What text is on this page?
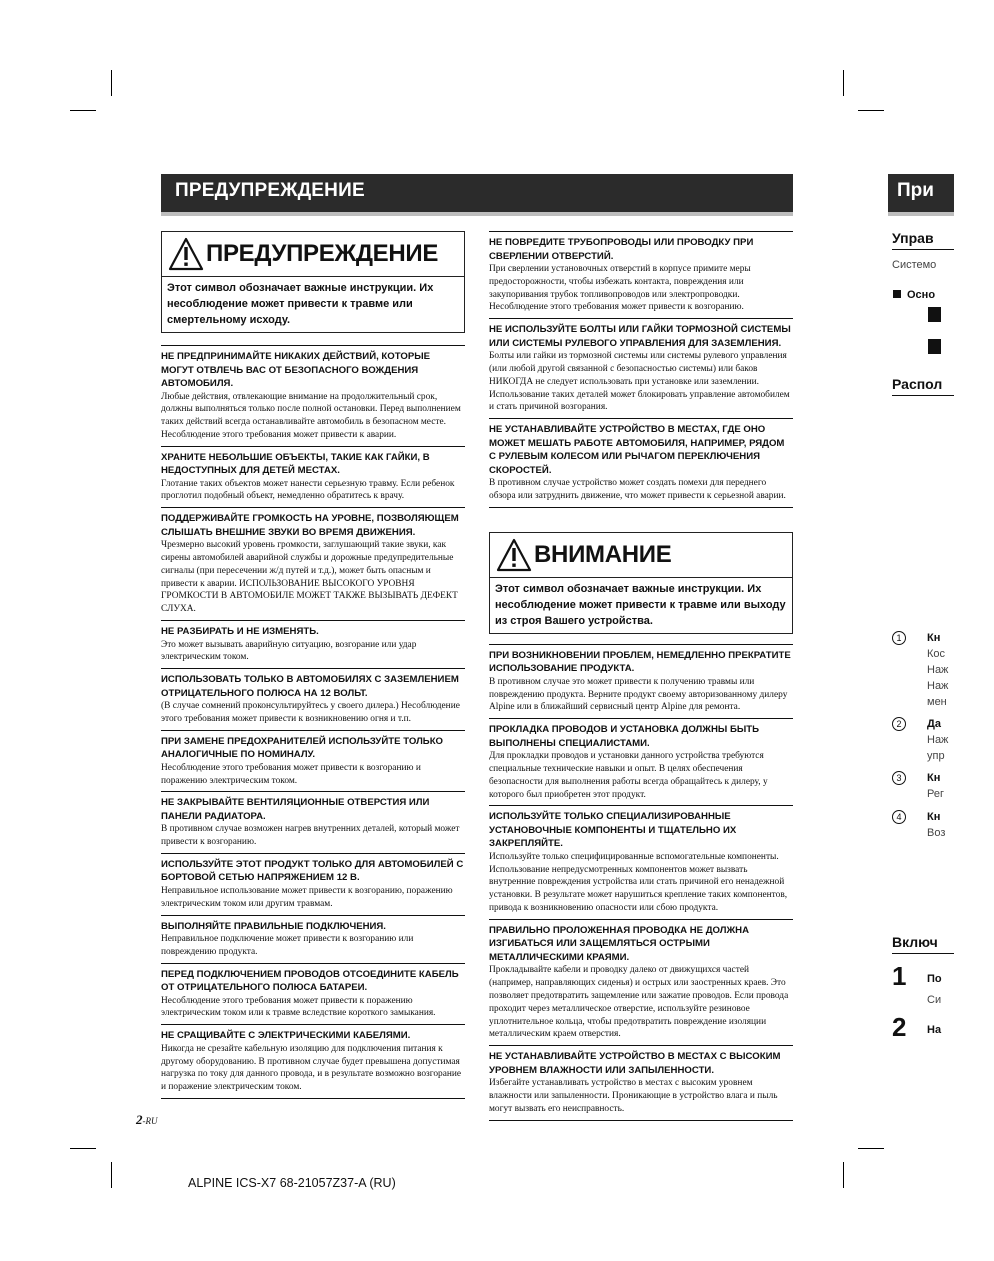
ПРЕДУПРЕЖДЕНИЕ
ПРЕДУПРЕЖДЕНИЕ
Этот символ обозначает важные инструкции. Их несоблюдение может привести к травме или смертельному исходу.
НЕ ПРЕДПРИНИМАЙТЕ НИКАКИХ ДЕЙСТВИЙ, КОТОРЫЕ МОГУТ ОТВЛЕЧЬ ВАС ОТ БЕЗОПАСНОГО ВОЖДЕНИЯ АВТОМОБИЛЯ.
Любые действия, отвлекающие внимание на продолжительный срок, должны выполняться только после полной остановки. Перед выполнением таких действий всегда останавливайте автомобиль в безопасном месте.
Несоблюдение этого требования может привести к аварии.
ХРАНИТЕ НЕБОЛЬШИЕ ОБЪЕКТЫ, ТАКИЕ КАК ГАЙКИ, В НЕДОСТУПНЫХ ДЛЯ ДЕТЕЙ МЕСТАХ.
Глотание таких объектов может нанести серьезную травму. Если ребенок проглотил подобный объект, немедленно обратитесь к врачу.
ПОДДЕРЖИВАЙТЕ ГРОМКОСТЬ НА УРОВНЕ, ПОЗВОЛЯЮЩЕМ СЛЫШАТЬ ВНЕШНИЕ ЗВУКИ ВО ВРЕМЯ ДВИЖЕНИЯ.
Чрезмерно высокий уровень громкости, заглушающий такие звуки, как сирены автомобилей аварийной службы и дорожные предупредительные сигналы (при пересечении ж/д путей и т.д.), может быть опасным и привести к аварии. ИСПОЛЬЗОВАНИЕ ВЫСОКОГО УРОВНЯ ГРОМКОСТИ В АВТОМОБИЛЕ МОЖЕТ ТАКЖЕ ВЫЗЫВАТЬ ДЕФЕКТ СЛУХА.
НЕ РАЗБИРАТЬ И НЕ ИЗМЕНЯТЬ.
Это может вызывать аварийную ситуацию, возгорание или удар электрическим током.
ИСПОЛЬЗОВАТЬ ТОЛЬКО В АВТОМОБИЛЯХ С ЗАЗЕМЛЕНИЕМ ОТРИЦАТЕЛЬНОГО ПОЛЮСА НА 12 ВОЛЬТ.
(В случае сомнений проконсультируйтесь у своего дилера.) Несоблюдение этого требования может привести к возникновению огня и т.п.
ПРИ ЗАМЕНЕ ПРЕДОХРАНИТЕЛЕЙ ИСПОЛЬЗУЙТЕ ТОЛЬКО АНАЛОГИЧНЫЕ ПО НОМИНАЛУ.
Несоблюдение этого требования может привести к возгоранию и поражению электрическим током.
НЕ ЗАКРЫВАЙТЕ ВЕНТИЛЯЦИОННЫЕ ОТВЕРСТИЯ ИЛИ ПАНЕЛИ РАДИАТОРА.
В противном случае возможен нагрев внутренних деталей, который может привести к возгоранию.
ИСПОЛЬЗУЙТЕ ЭТОТ ПРОДУКТ ТОЛЬКО ДЛЯ АВТОМОБИЛЕЙ С БОРТОВОЙ СЕТЬЮ НАПРЯЖЕНИЕМ 12 В.
Неправильное использование может привести к возгоранию, поражению электрическим током или другим травмам.
ВЫПОЛНЯЙТЕ ПРАВИЛЬНЫЕ ПОДКЛЮЧЕНИЯ.
Неправильное подключение может привести к возгоранию или повреждению продукта.
ПЕРЕД ПОДКЛЮЧЕНИЕМ ПРОВОДОВ ОТСОЕДИНИТЕ КАБЕЛЬ ОТ ОТРИЦАТЕЛЬНОГО ПОЛЮСА БАТАРЕИ.
Несоблюдение этого требования может привести к поражению электрическим током или к травме вследствие короткого замыкания.
НЕ СРАЩИВАЙТЕ С ЭЛЕКТРИЧЕСКИМИ КАБЕЛЯМИ.
Никогда не срезайте кабельную изоляцию для подключения питания к другому оборудованию. В противном случае будет превышена допустимая нагрузка по току для данного провода, и в результате возможно возгорание и поражение электрическим током.
НЕ ПОВРЕДИТЕ ТРУБОПРОВОДЫ ИЛИ ПРОВОДКУ ПРИ СВЕРЛЕНИИ ОТВЕРСТИЙ.
При сверлении установочных отверстий в корпусе примите меры предосторожности, чтобы избежать контакта, повреждения или закупоривания трубок топливопроводов или электропроводки. Несоблюдение этого требования может привести к возгоранию.
НЕ ИСПОЛЬЗУЙТЕ БОЛТЫ ИЛИ ГАЙКИ ТОРМОЗНОЙ СИСТЕМЫ ИЛИ СИСТЕМЫ РУЛЕВОГО УПРАВЛЕНИЯ ДЛЯ ЗАЗЕМЛЕНИЯ.
Болты или гайки из тормозной системы или системы рулевого управления (или любой другой связанной с безопасностью системы) или баков НИКОГДА не следует использовать при установке или заземлении. Использование таких деталей может блокировать управление автомобилем и стать причиной возгорания.
НЕ УСТАНАВЛИВАЙТЕ УСТРОЙСТВО В МЕСТАХ, ГДЕ ОНО МОЖЕТ МЕШАТЬ РАБОТЕ АВТОМОБИЛЯ, НАПРИМЕР, РЯДОМ С РУЛЕВЫМ КОЛЕСОМ ИЛИ РЫЧАГОМ ПЕРЕКЛЮЧЕНИЯ СКОРОСТЕЙ.
В противном случае устройство может создать помехи для переднего обзора или затруднить движение, что может привести к серьезной аварии.
ВНИМАНИЕ
Этот символ обозначает важные инструкции. Их несоблюдение может привести к травме или выходу из строя Вашего устройства.
ПРИ ВОЗНИКНОВЕНИИ ПРОБЛЕМ, НЕМЕДЛЕННО ПРЕКРАТИТЕ ИСПОЛЬЗОВАНИЕ ПРОДУКТА.
В противном случае это может привести к получению травмы или повреждению продукта. Верните продукт своему авторизованному дилеру Alpine или в ближайший сервисный центр Alpine для ремонта.
ПРОКЛАДКА ПРОВОДОВ И УСТАНОВКА ДОЛЖНЫ БЫТЬ ВЫПОЛНЕНЫ СПЕЦИАЛИСТАМИ.
Для прокладки проводов и установки данного устройства требуются специальные технические навыки и опыт. В целях обеспечения безопасности для выполнения работы всегда обращайтесь к дилеру, у которого был приобретен этот продукт.
ИСПОЛЬЗУЙТЕ ТОЛЬКО СПЕЦИАЛИЗИРОВАННЫЕ УСТАНОВОЧНЫЕ КОМПОНЕНТЫ И ТЩАТЕЛЬНО ИХ ЗАКРЕПЛЯЙТЕ.
Используйте только специфицированные вспомогательные компоненты. Использование непредусмотренных компонентов может вызвать внутренние повреждения устройства или стать причиной его ненадежной установки. В результате может нарушиться крепление таких компонентов, привода к возникновению опасности или сбою продукта.
ПРАВИЛЬНО ПРОЛОЖЕННАЯ ПРОВОДКА НЕ ДОЛЖНА ИЗГИБАТЬСЯ ИЛИ ЗАЩЕМЛЯТЬСЯ ОСТРЫМИ МЕТАЛЛИЧЕСКИМИ КРАЯМИ.
Прокладывайте кабели и проводку далеко от движущихся частей (например, направляющих сиденья) и острых или заостренных краев. Это позволяет предотвратить защемление или зажатие проводов. Если провода проходит через металлическое отверстие, используйте резиновое уплотнительное кольца, чтобы предотвратить повреждение изоляции металлическим краем отверстия.
НЕ УСТАНАВЛИВАЙТЕ УСТРОЙСТВО В МЕСТАХ С ВЫСОКИМ УРОВНЕМ ВЛАЖНОСТИ ИЛИ ЗАПЫЛЕННОСТИ.
Избегайте устанавливать устройство в местах с высоким уровнем влажности или запыленности. Проникающие в устройство влага и пыль могут вызвать его неисправность.
2-RU
ALPINE ICS-X7 68-21057Z37-A (RU)
При
Управ
Системо
Осно
Распол
1 Кн
Кос
Наж
Наж
мен
2 Да
Наж
упр
3 Кн
Рег
4 Кн
Воз
Включ
1 По
Си
2 На
